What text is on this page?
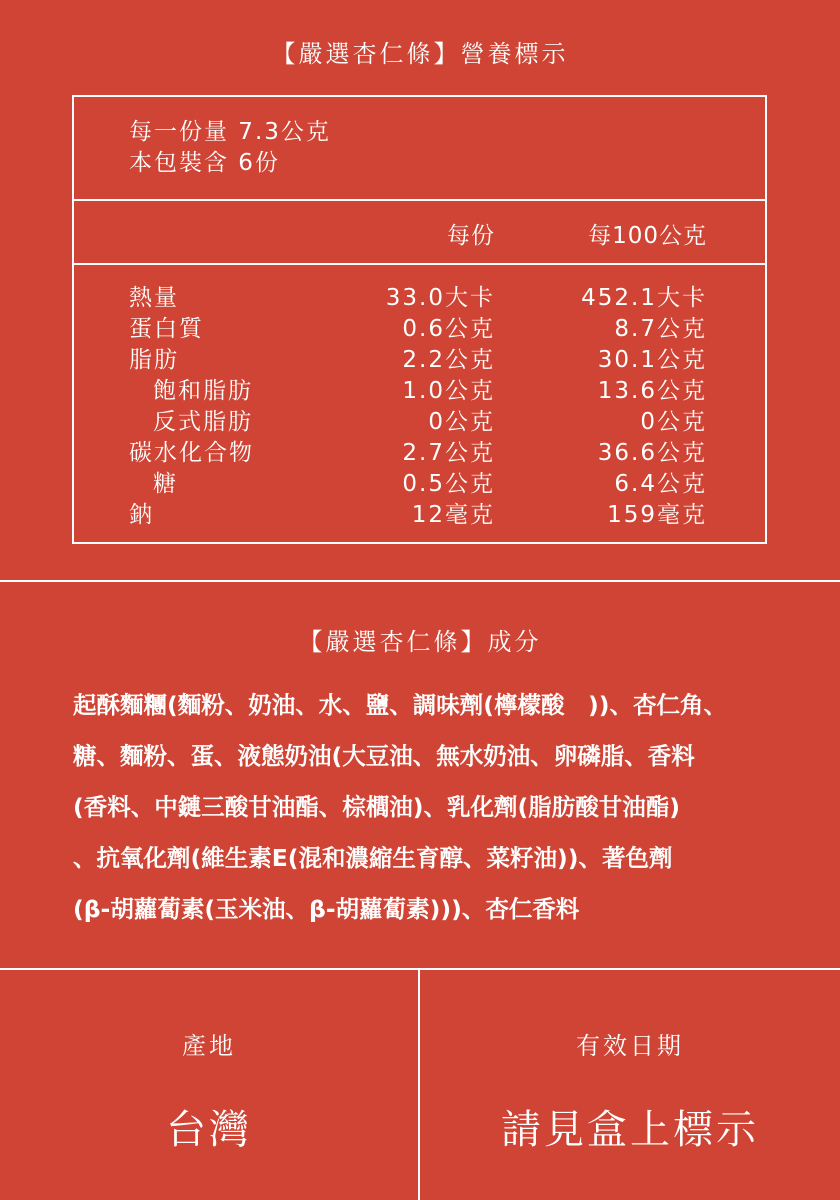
【嚴選杏仁條】營養標示
每一份量 7.3公克
本包裝含 6份
每份	每100公克
熱量	33.0大卡	452.1大卡
蛋白質	0.6公克	8.7公克
脂肪	2.2公克	30.1公克
飽和脂肪	1.0公克	13.6公克
反式脂肪	0公克	0公克
碳水化合物	2.7公克	36.6公克
糖	0.5公克	6.4公克
鈉	12毫克	159毫克
【嚴選杏仁條】成分
起酥麵糰(麵粉、奶油、水、鹽、調味劑(檸檬酸　))、杏仁角、
糖、麵粉、蛋、液態奶油(大豆油、無水奶油、卵磷脂、香料
(香料、中鏈三酸甘油酯、棕櫚油)、乳化劑(脂肪酸甘油酯)
、抗氧化劑(維生素E(混和濃縮生育醇、菜籽油))、著色劑
(β-胡蘿蔔素(玉米油、β-胡蘿蔔素)))、杏仁香料
產地
台灣
有效日期
請見盒上標示
